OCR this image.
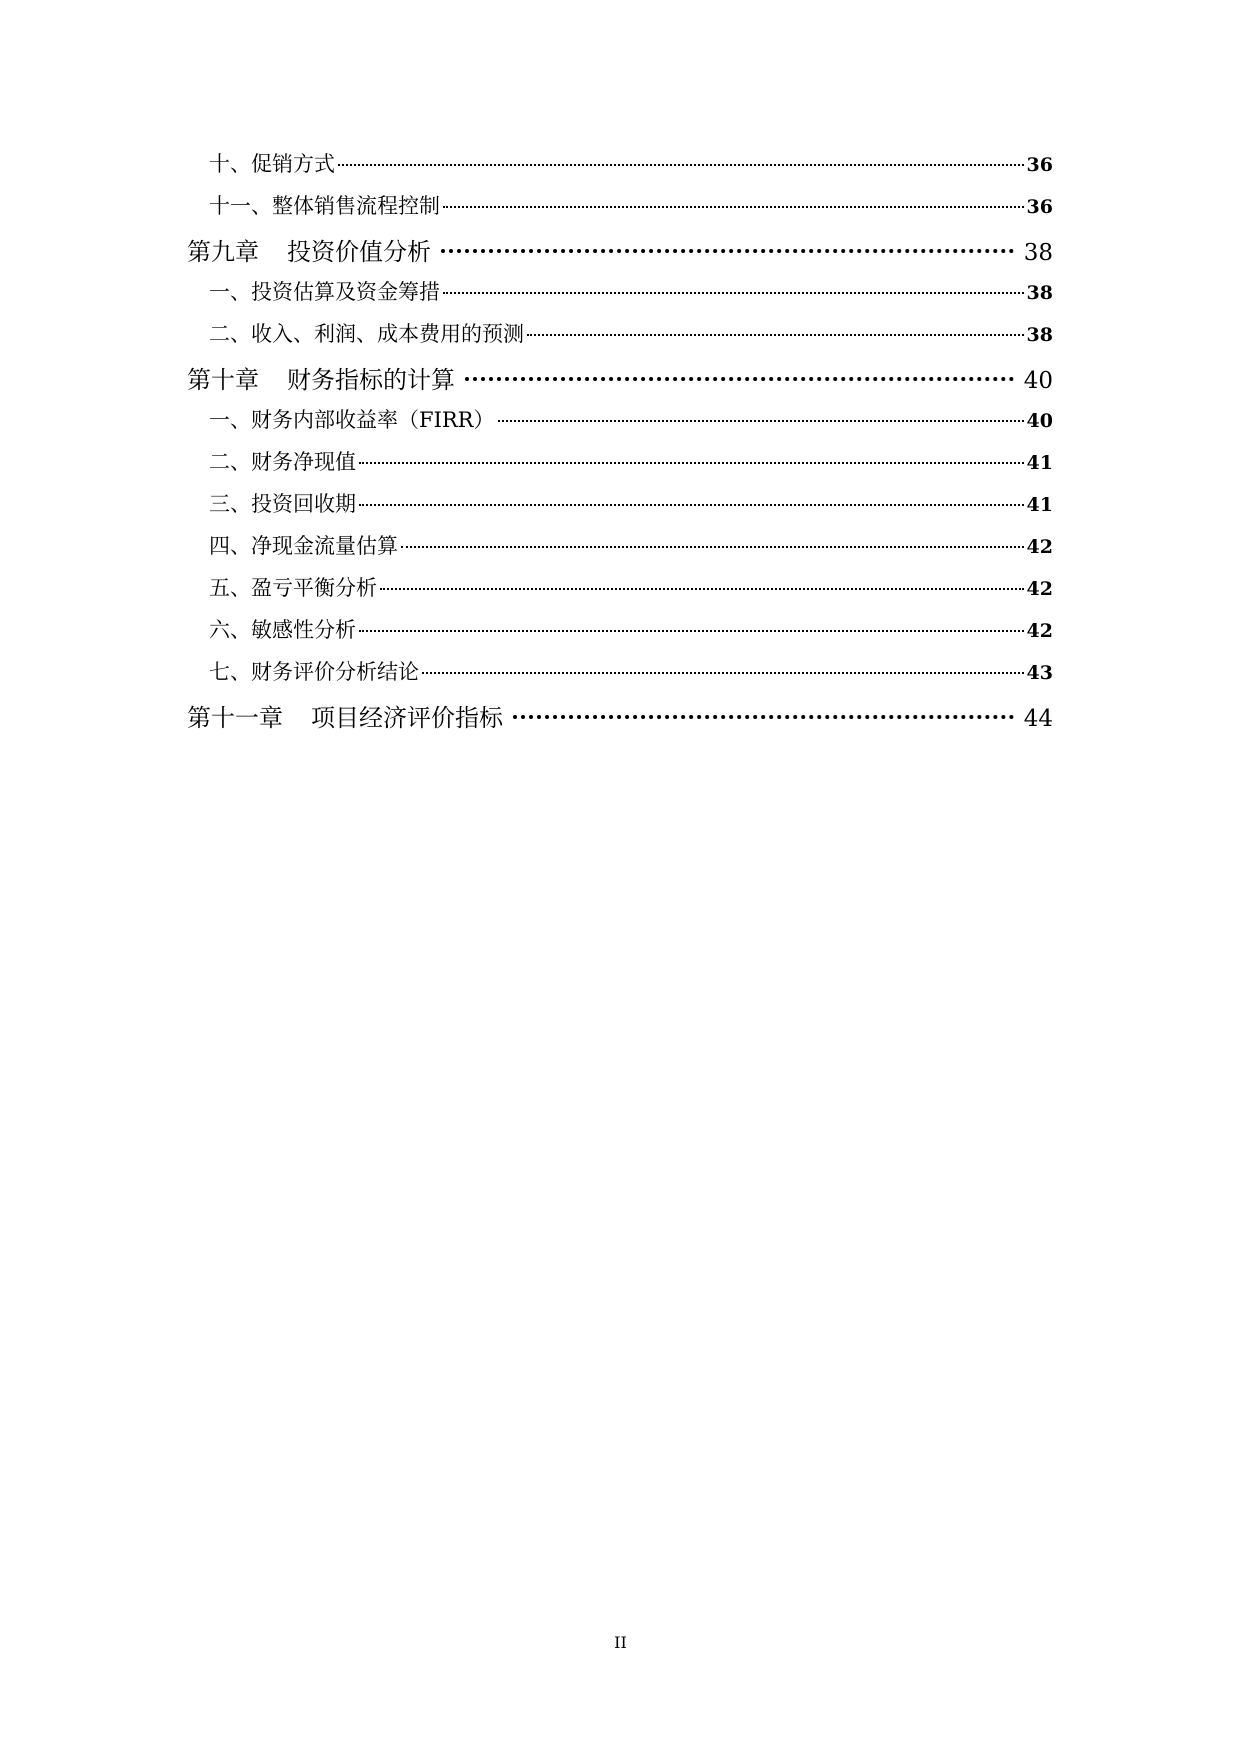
十、促销方式	36
十一、整体销售流程控制	36
第九章 投资价值分析	38
一、投资估算及资金筹措	38
二、收入、利润、成本费用的预测	38
第十章 财务指标的计算	40
一、财务内部收益率（FIRR）	40
二、财务净现值	41
三、投资回收期	41
四、净现金流量估算	42
五、盈亏平衡分析	42
六、敏感性分析	42
七、财务评价分析结论	43
第十一章 项目经济评价指标	44
II
